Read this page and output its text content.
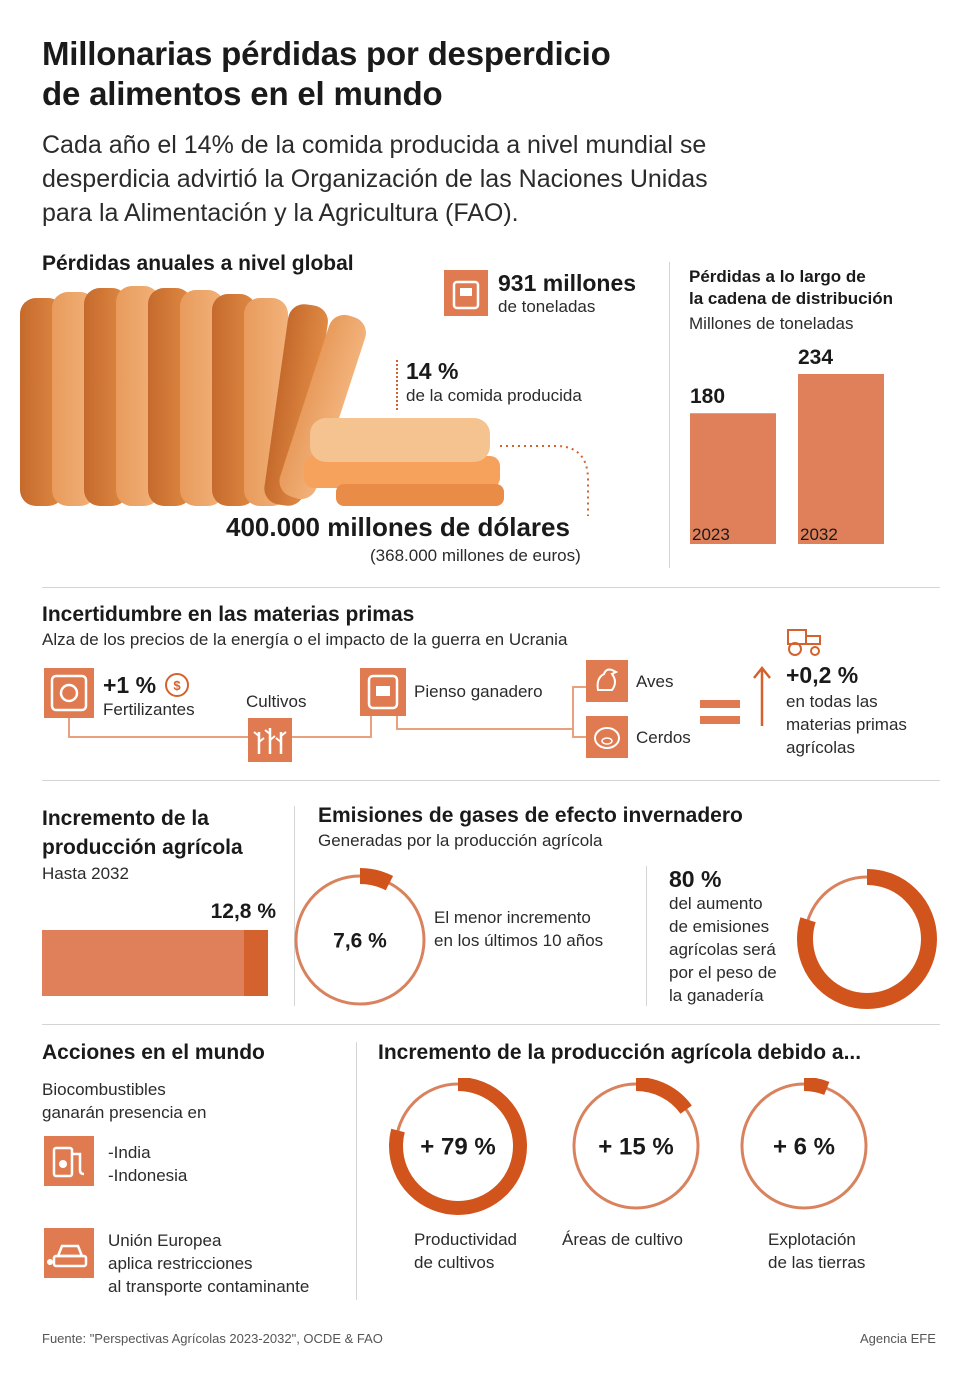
Millonarias pérdidas por desperdicio
de alimentos en el mundo
Cada año el 14% de la comida producida a nivel mundial se
desperdicia advirtió la Organización de las Naciones Unidas
para la Alimentación y la Agricultura (FAO).
Pérdidas anuales a nivel global
931 millones
de toneladas
14 %
de la comida producida
400.000 millones de dólares
(368.000 millones de euros)
Pérdidas a lo largo de
la cadena de distribución
Millones de toneladas
180
2023
234
2032
Incertidumbre en las materias primas
Alza de los precios de la energía o el impacto de la guerra en Ucrania
+1 % $
Fertilizantes	Cultivos
Pienso ganadero
Aves
Cerdos
+0,2 %
en todas las
materias primas
agrícolas
Incremento de la
producción agrícola
Hasta 2032
12,8 %
Emisiones de gases de efecto invernadero
Generadas por la producción agrícola
7,6 %
El menor incremento
en los últimos 10 años
80 %
del aumento
de emisiones
agrícolas será
por el peso de
la ganadería
Acciones en el mundo
Biocombustibles
ganarán presencia en
-India
-Indonesia
Unión Europea
aplica restricciones
al transporte contaminante
Incremento de la producción agrícola debido a...
+ 79 %
Productividad
de cultivos
+ 15 %
Áreas de cultivo
+ 6 %
Explotación
de las tierras
Fuente: "Perspectivas Agrícolas 2023-2032", OCDE & FAO	Agencia EFE
